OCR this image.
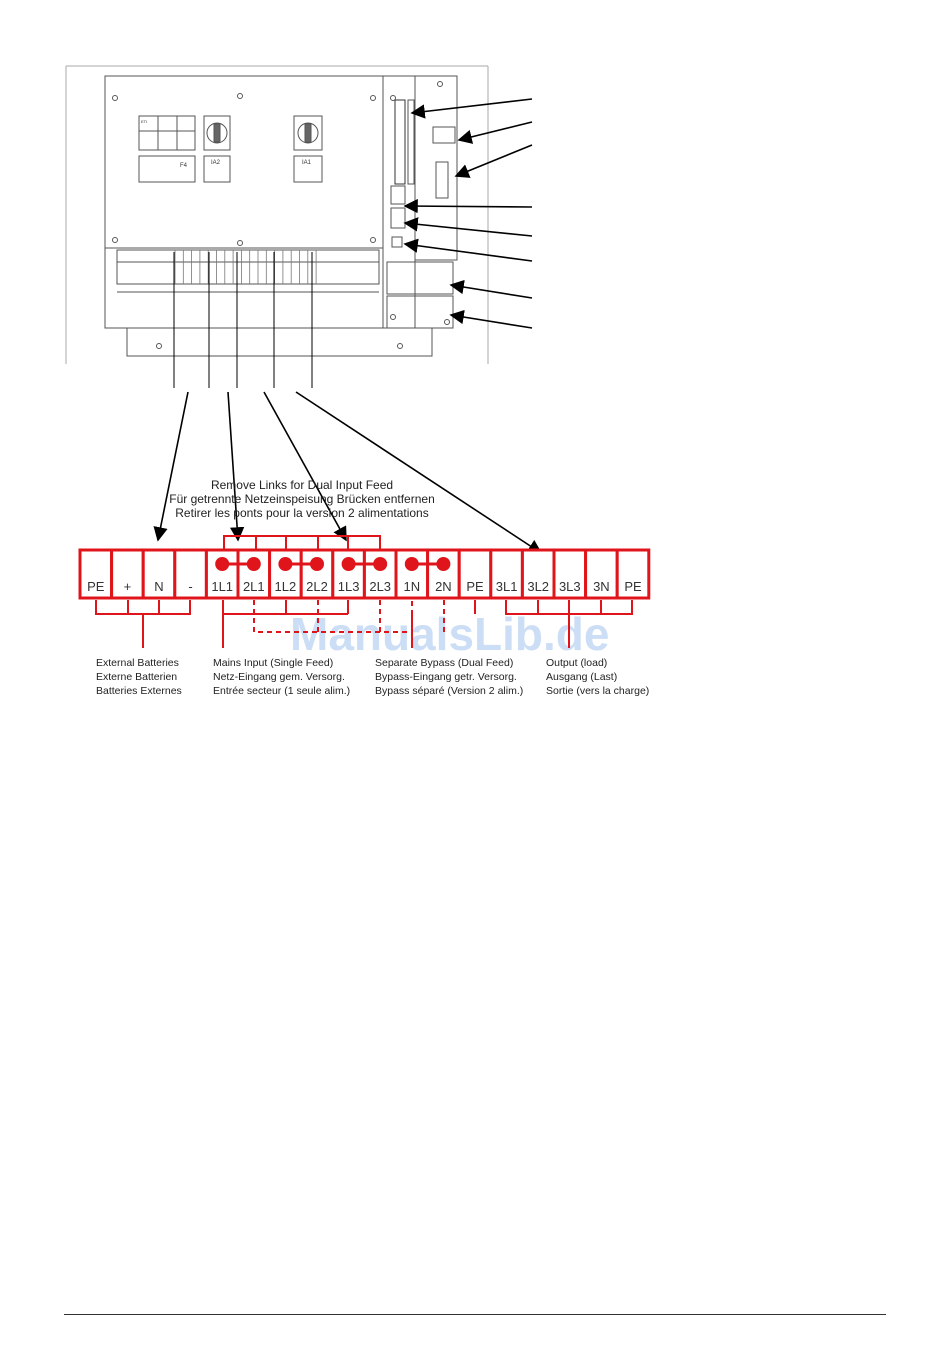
ETI
F4	IA2	IA1
ManualsLib.de
Remove Links for Dual Input Feed
Für getrennte Netzeinspeisung Brücken entfernen
Retirer les ponts pour la version 2 alimentations
PE + N - 1L1 2L1 1L2 2L2 1L3 2L3 1N 2N PE 3L1 3L2 3L3 3N PE
External Batteries
Externe Batterien
Batteries Externes
Mains Input (Single Feed)
Netz-Eingang gem. Versorg.
Entrée secteur (1 seule alim.)
Separate Bypass (Dual Feed)
Bypass-Eingang getr. Versorg.
Bypass séparé (Version 2 alim.)
Output (load)
Ausgang (Last)
Sortie (vers la charge)
